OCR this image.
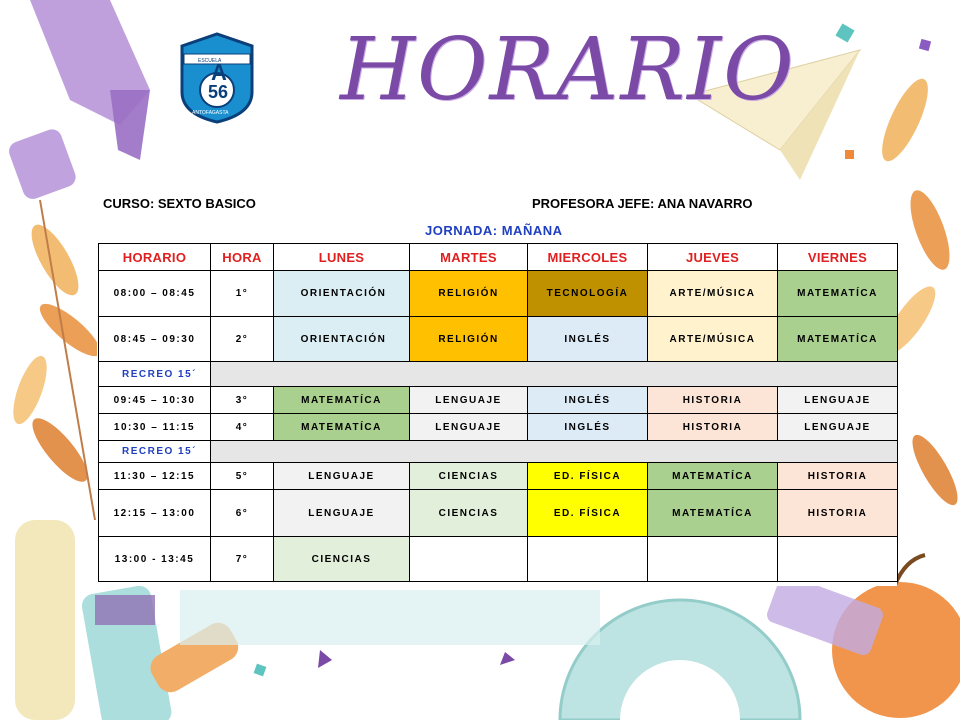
HORARIO
ESCUELA
56
A
ANTOFAGASTA
CURSO: SEXTO BASICO	PROFESORA JEFE: ANA NAVARRO
JORNADA: MAÑANA
HORARIO	HORA	LUNES	MARTES	MIERCOLES	JUEVES	VIERNES
08:00 – 08:45	1°	ORIENTACIÓN	RELIGIÓN	TECNOLOGÍA	ARTE/MÚSICA	MATEMATÍCA
08:45 – 09:30	2°	ORIENTACIÓN	RELIGIÓN	INGLÉS	ARTE/MÚSICA	MATEMATÍCA
RECREO 15´						
09:45 – 10:30	3°	MATEMATÍCA	LENGUAJE	INGLÉS	HISTORIA	LENGUAJE
10:30 – 11:15	4°	MATEMATÍCA	LENGUAJE	INGLÉS	HISTORIA	LENGUAJE
RECREO 15´						
11:30 – 12:15	5°	LENGUAJE	CIENCIAS	ED. FÍSICA	MATEMATÍCA	HISTORIA
12:15 – 13:00	6°	LENGUAJE	CIENCIAS	ED. FÍSICA	MATEMATÍCA	HISTORIA
13:00 - 13:45	7°	CIENCIAS				
